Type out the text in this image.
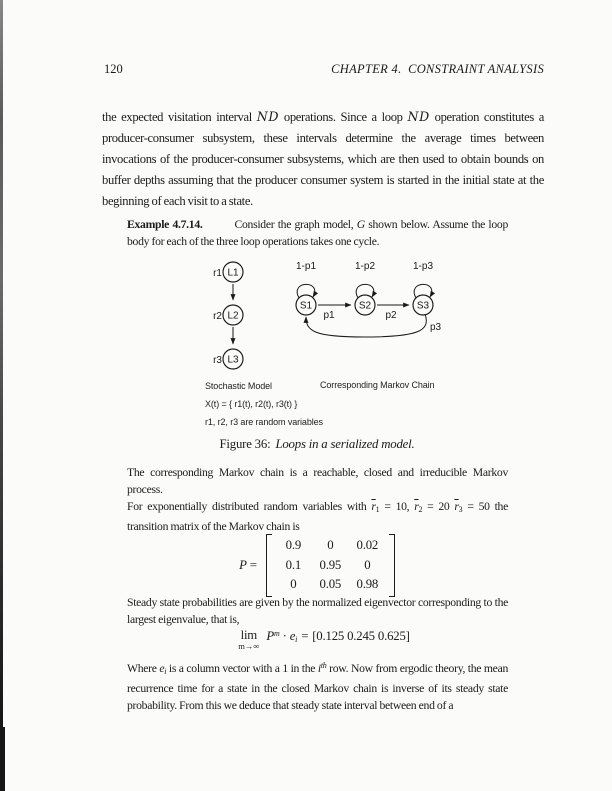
120	CHAPTER 4. CONSTRAINT ANALYSIS
the expected visitation interval ND operations. Since a loop ND operation constitutes a producer-consumer subsystem, these intervals determine the average times between invocations of the producer-consumer subsystems, which are then used to obtain bounds on buffer depths assuming that the producer consumer system is started in the initial state at the beginning of each visit to a state.
Example 4.7.14.	Consider the graph model, G shown below. Assume the loop body for each of the three loop operations takes one cycle.
r1 L1
r2 L2
r3 L3
1-p1
S1
1-p2
S2
1-p3
S3
p1	p2
p3
Stochastic Model	Corresponding Markov Chain
X(t) = { r1(t), r2(t), r3(t) }
r1, r2, r3 are random variables
Figure 36: Loops in a serialized model.
The corresponding Markov chain is a reachable, closed and irreducible Markov process.
For exponentially distributed random variables with $\overline{r}1 = 10$, $\overline{r}2 = 20$ $\overline{r}3 = 50$ the transition matrix of the Markov chain is
P =
0.9	0	0.02
0.1	0.95	0
0	0.05	0.98
Steady state probabilities are given by the normalized eigenvector corresponding to the largest eigenvalue, that is,
lim
m→∞
$P^m \cdot e_i = [0.125$ 0.245 0.625]
Where ei is a column vector with a 1 in the $i^{th}$ row. Now from ergodic theory, the mean recurrence time for a state in the closed Markov chain is inverse of its steady state probability. From this we deduce that steady state interval between end of a
